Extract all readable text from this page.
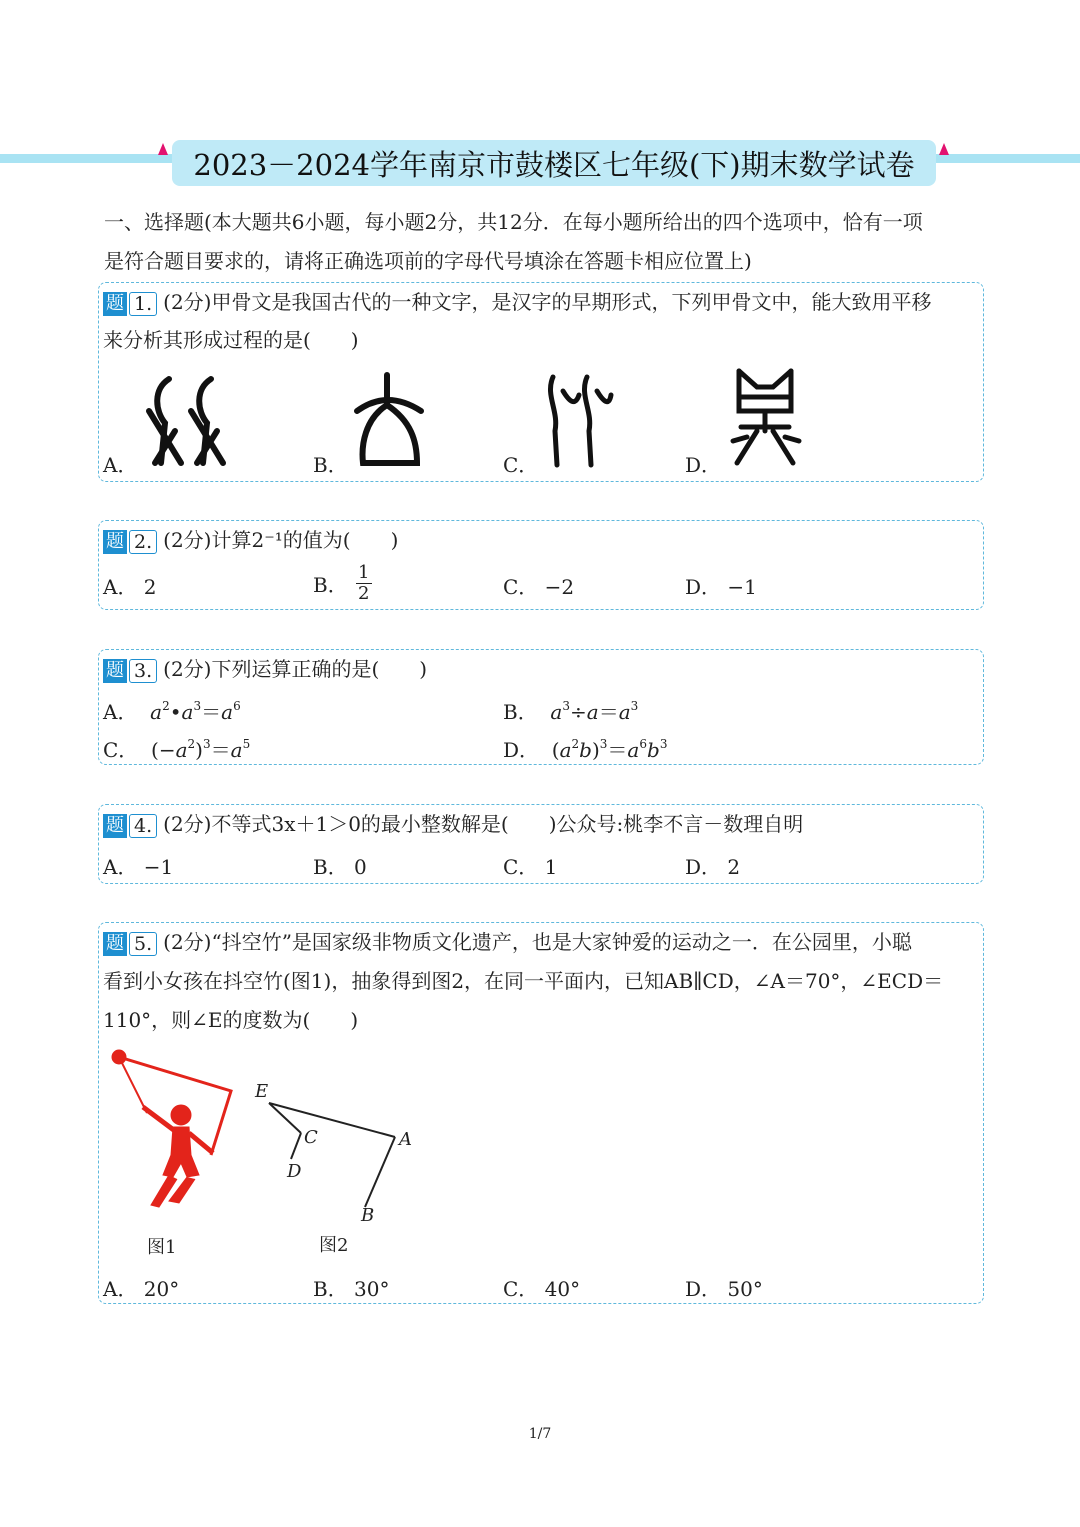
2023－2024学年南京市鼓楼区七年级(下)期末数学试卷
一、选择题(本大题共6小题，每小题2分，共12分．在每小题所给出的四个选项中，恰有一项
是符合题目要求的，请将正确选项前的字母代号填涂在答题卡相应位置上)
题 1. (2分)甲骨文是我国古代的一种文字，是汉字的早期形式，下列甲骨文中，能大致用平移
来分析其形成过程的是(　　)
A．	B．	C．	D．
题 2. (2分)计算2⁻¹的值为(　　)
A． 2	B． $\frac{1}{2}$	C． −2	D． −1
题 3. (2分)下列运算正确的是(　　)
A． $a^2•a^3=a^6$	B． $a^3\div a=a^3$
C．  $(-a^2)^3=a^5$	D．  $(a^2b)^3=a^6b^3$
题 4. (2分)不等式3x＋1＞0的最小整数解是(　　)公众号:桃李不言－数理自明
A． −1	B． 0	C． 1	D． 2
题 5. (2分)“抖空竹”是国家级非物质文化遗产，也是大家钟爱的运动之一．在公园里，小聪
看到小女孩在抖空竹(图1)，抽象得到图2，在同一平面内，已知AB∥CD，∠A＝70°，∠ECD＝
110°，则∠E的度数为(　　)
图1
E
C	A
D
B
图2
A． 20°	B． 30°	C． 40°	D． 50°
1/7
